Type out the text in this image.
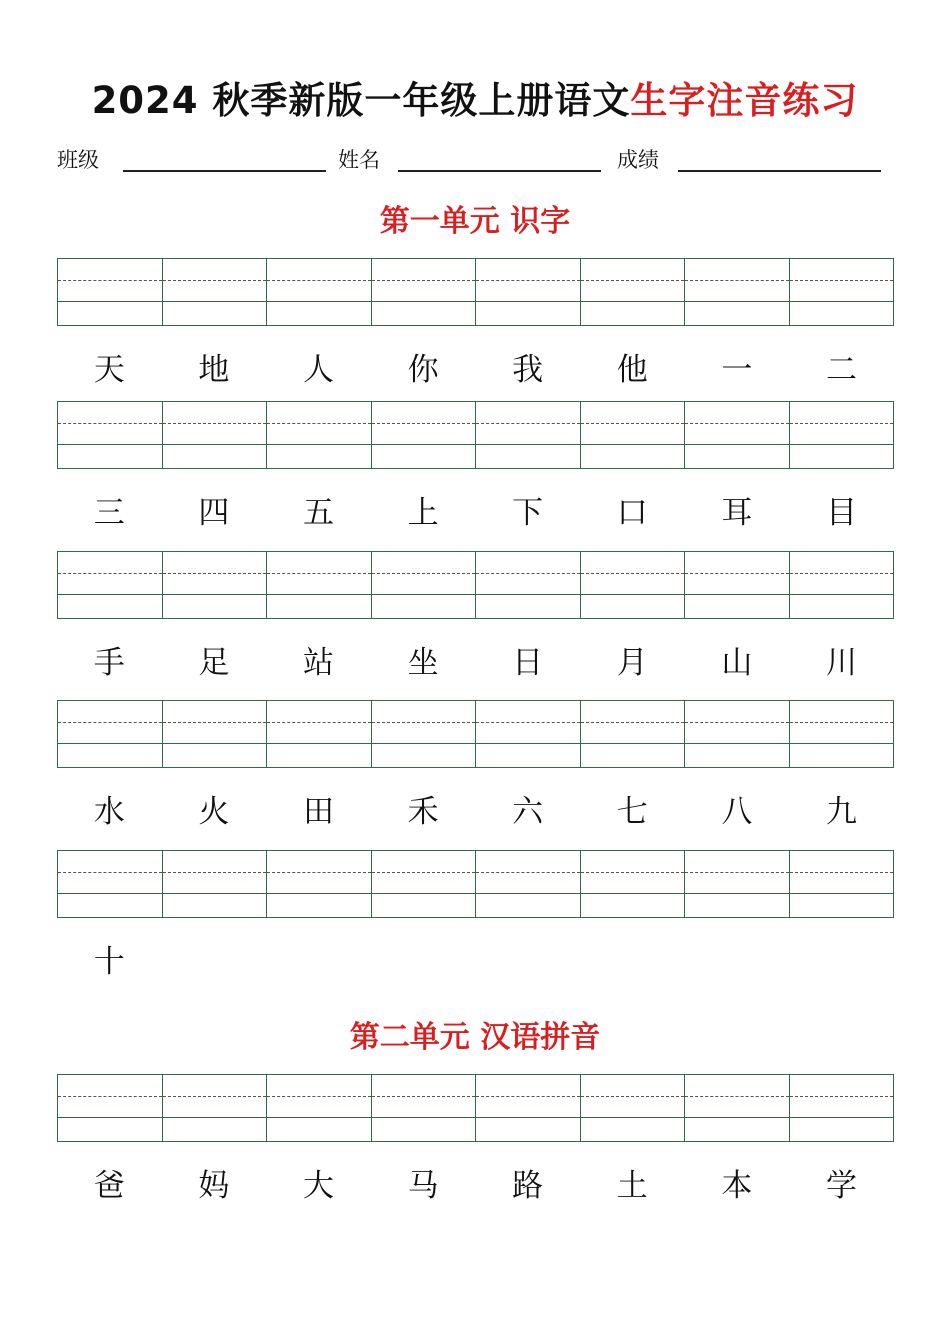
2024 秋季新版一年级上册语文生字注音练习
班级	姓名	成绩
第一单元 识字
天	地	人	你	我	他	一	二
三	四	五	上	下	口	耳	目
手	足	站	坐	日	月	山	川
水	火	田	禾	六	七	八	九
十
第二单元 汉语拼音
爸	妈	大	马	路	土	本	学
